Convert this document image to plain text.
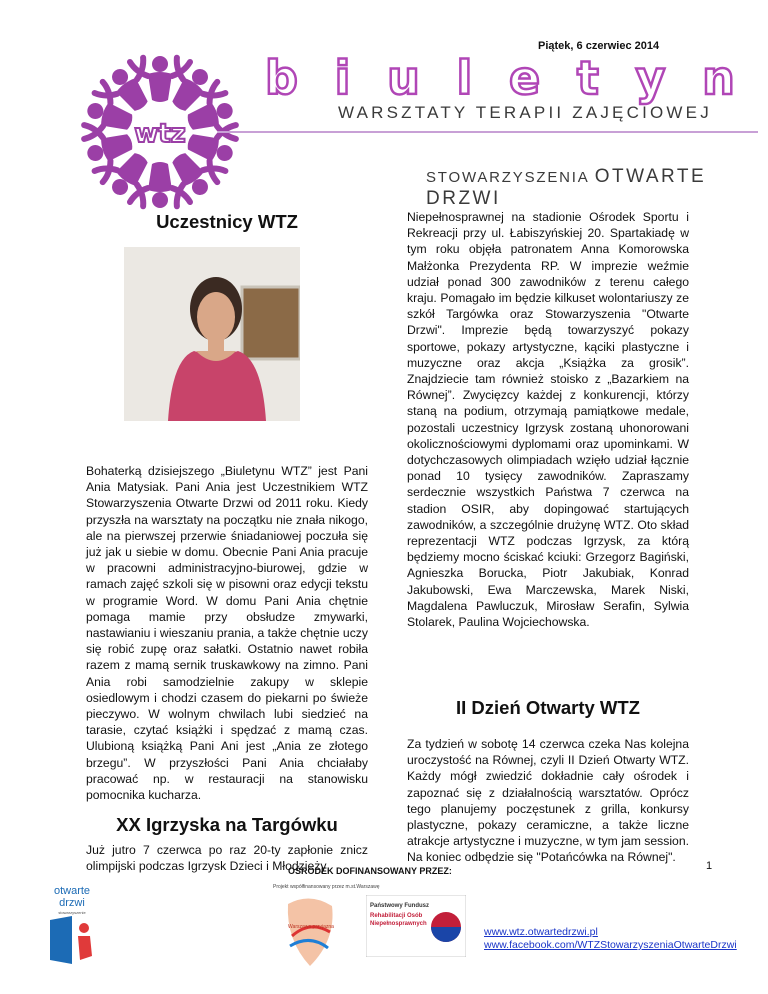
Piątek, 6 czerwiec 2014
wtz
b i u l e t y n
WARSZTATY TERAPII ZAJĘCIOWEJ
STOWARZYSZENIA OTWARTE DRZWI
Uczestnicy WTZ

Bohaterką dzisiejszego „Biuletynu WTZ” jest Pani Ania Matysiak. Pani Ania jest Uczestnikiem WTZ Stowarzyszenia Otwarte Drzwi od 2011 roku. Kiedy przyszła na warsztaty na początku nie znała nikogo, ale na pierwszej przerwie śniadaniowej poczuła się już jak u siebie w domu. Obecnie Pani Ania pracuje w pracowni administracyjno-biurowej, gdzie w ramach zajęć szkoli się w pisowni oraz edycji tekstu w programie Word. W domu Pani Ania chętnie pomaga mamie przy obsłudze zmywarki, nastawianiu i wieszaniu prania, a także chętnie uczy się robić zupę oraz sałatki. Ostatnio nawet robiła razem z mamą sernik truskawkowy na zimno. Pani Ania robi samodzielnie zakupy w sklepie osiedlowym i chodzi czasem do piekarni po świeże pieczywo. W wolnym chwilach lubi siedzieć na tarasie, czytać książki i spędzać z mamą czas. Ulubioną książką Pani Ani jest „Ania ze złotego brzegu”. W przyszłości Pani Ania chciałaby pracować np. w restauracji na stanowisku pomocnika kucharza.

XX Igrzyska na Targówku

Już jutro 7 czerwca po raz 20-ty zapłonie znicz olimpijski podczas Igrzysk Dzieci i Młodzieży

Niepełnosprawnej na stadionie Ośrodek Sportu i Rekreacji przy ul. Łabiszyńskiej 20. Spartakiadę w tym roku objęła patronatem Anna Komorowska Małżonka Prezydenta RP. W imprezie weźmie udział ponad 300 zawodników z terenu całego kraju. Pomagało im będzie kilkuset wolontariuszy ze szkół Targówka oraz Stowarzyszenia "Otwarte Drzwi". Imprezie będą towarzyszyć pokazy sportowe, pokazy artystyczne, kąciki plastyczne i muzyczne oraz akcja „Książka za grosik”. Znajdziecie tam również stoisko z „Bazarkiem na Równej”. Zwycięzcy każdej z konkurencji, którzy staną na podium, otrzymają pamiątkowe medale, pozostali uczestnicy Igrzysk zostaną uhonorowani okolicznościowymi dyplomami oraz upominkami. W dotychczasowych olimpiadach wzięło udział łącznie ponad 10 tysięcy zawodników. Zapraszamy serdecznie wszystkich Państwa 7 czerwca na stadion OSIR, aby dopingować startujących zawodników, a szczególnie drużynę WTZ. Oto skład reprezentacji WTZ podczas Igrzysk, za którą będziemy mocno ściskać kciuki: Grzegorz Bagiński, Agnieszka Borucka, Piotr Jakubiak, Konrad Jakubowski, Ewa Marczewska, Marek Niski, Magdalena Pawluczuk, Mirosław Serafin, Sylwia Stolarek, Paulina Wojciechowska.

II Dzień Otwarty WTZ

Za tydzień w sobotę 14 czerwca czeka Nas kolejna uroczystość na Równej, czyli II Dzień Otwarty WTZ. Każdy mógł zwiedzić dokładnie cały ośrodek i zapoznać się z działalnością warsztatów. Oprócz tego planujemy poczęstunek z grilla, konkursy plastyczne, pokazy ceramiczne, a także liczne atrakcje artystyczne i muzyczne, w tym jam session. Na koniec odbędzie się "Potańcówka na Równej".

1
OŚRODEK DOFINANSOWANY PRZEZ:
Projekt współfinansowany przez m.st.Warszawę
otwarte
drzwi
stowarzyszenie
Warszawa przyjazna
Państwowy Fundusz
Rehabilitacji Osób
Niepełnosprawnych
www.wtz.otwartedrzwi.pl
www.facebook.com/WTZStowarzyszeniaOtwarteDrzwi
